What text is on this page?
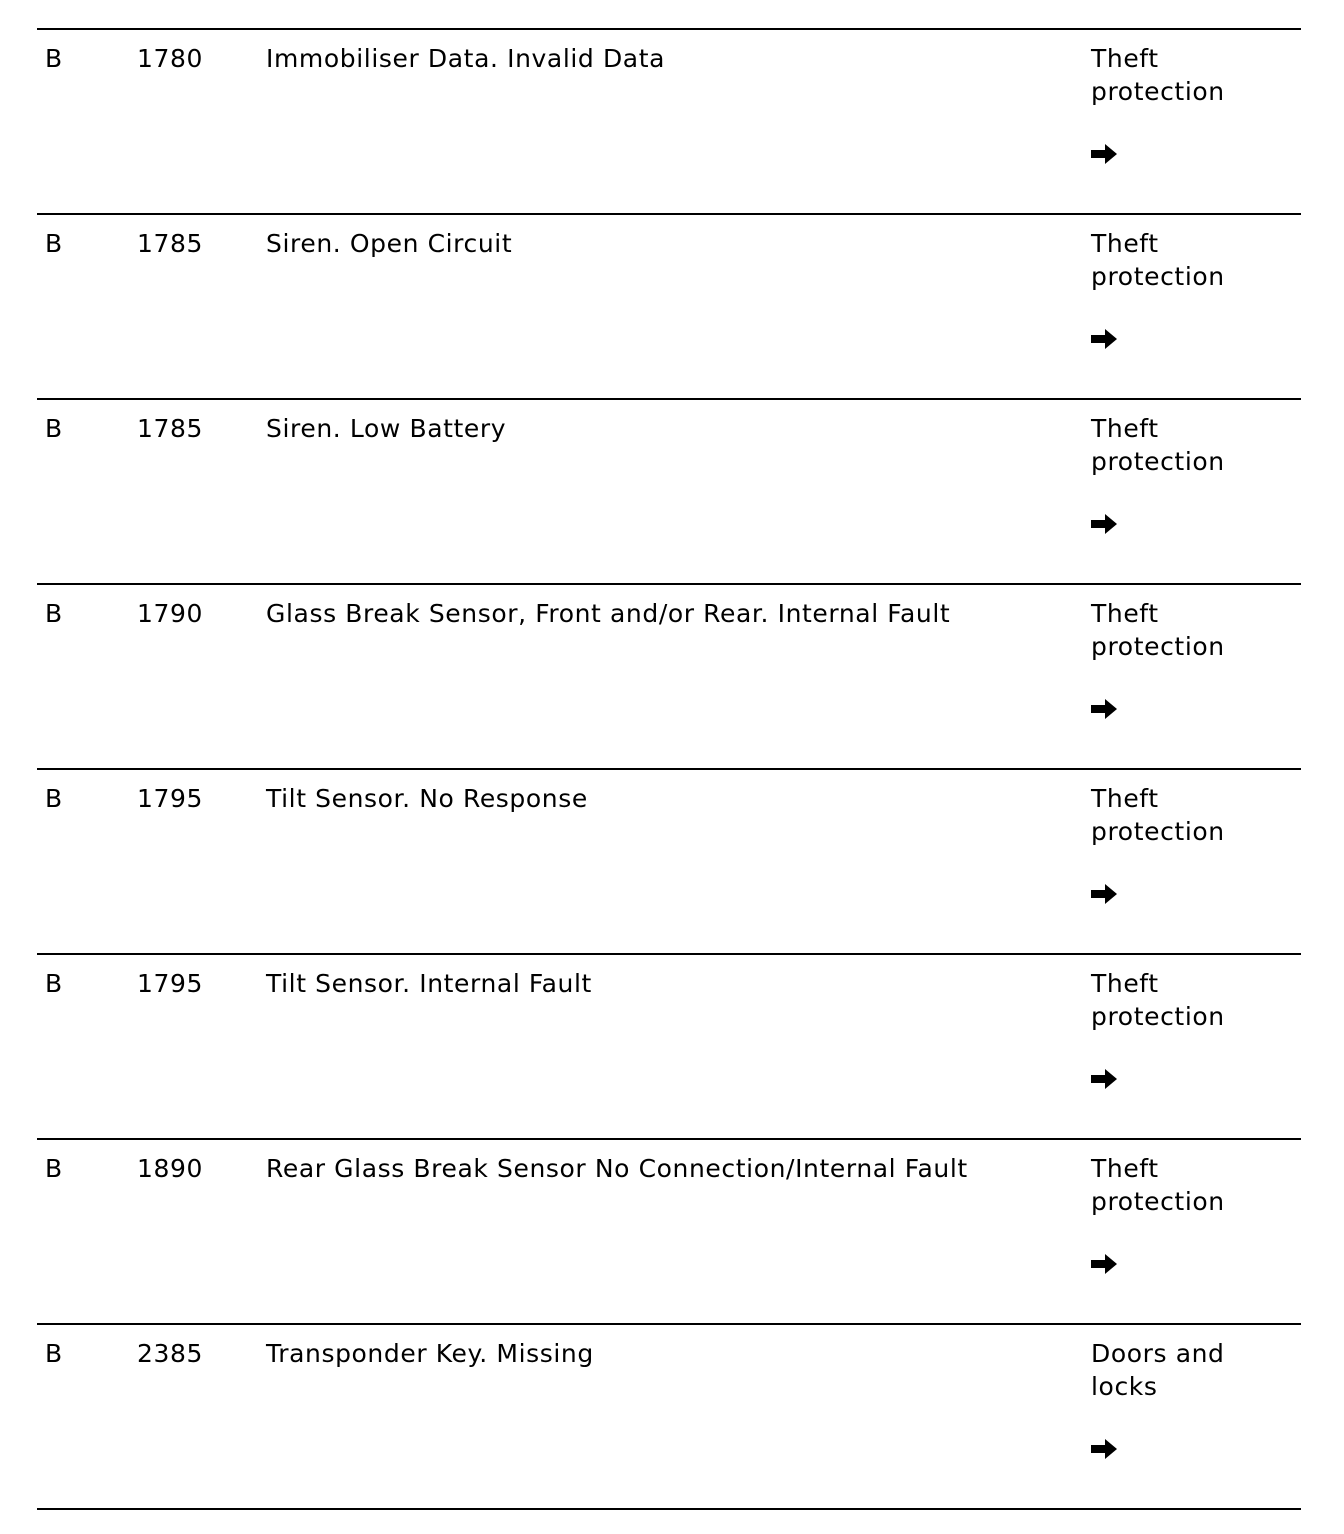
B	1780	Immobiliser Data. Invalid Data	Theft protection
B	1785	Siren. Open Circuit	Theft protection
B	1785	Siren. Low Battery	Theft protection
B	1790	Glass Break Sensor, Front and/or Rear. Internal Fault	Theft protection
B	1795	Tilt Sensor. No Response	Theft protection
B	1795	Tilt Sensor. Internal Fault	Theft protection
B	1890	Rear Glass Break Sensor No Connection/Internal Fault	Theft protection
B	2385	Transponder Key. Missing	Doors and locks
